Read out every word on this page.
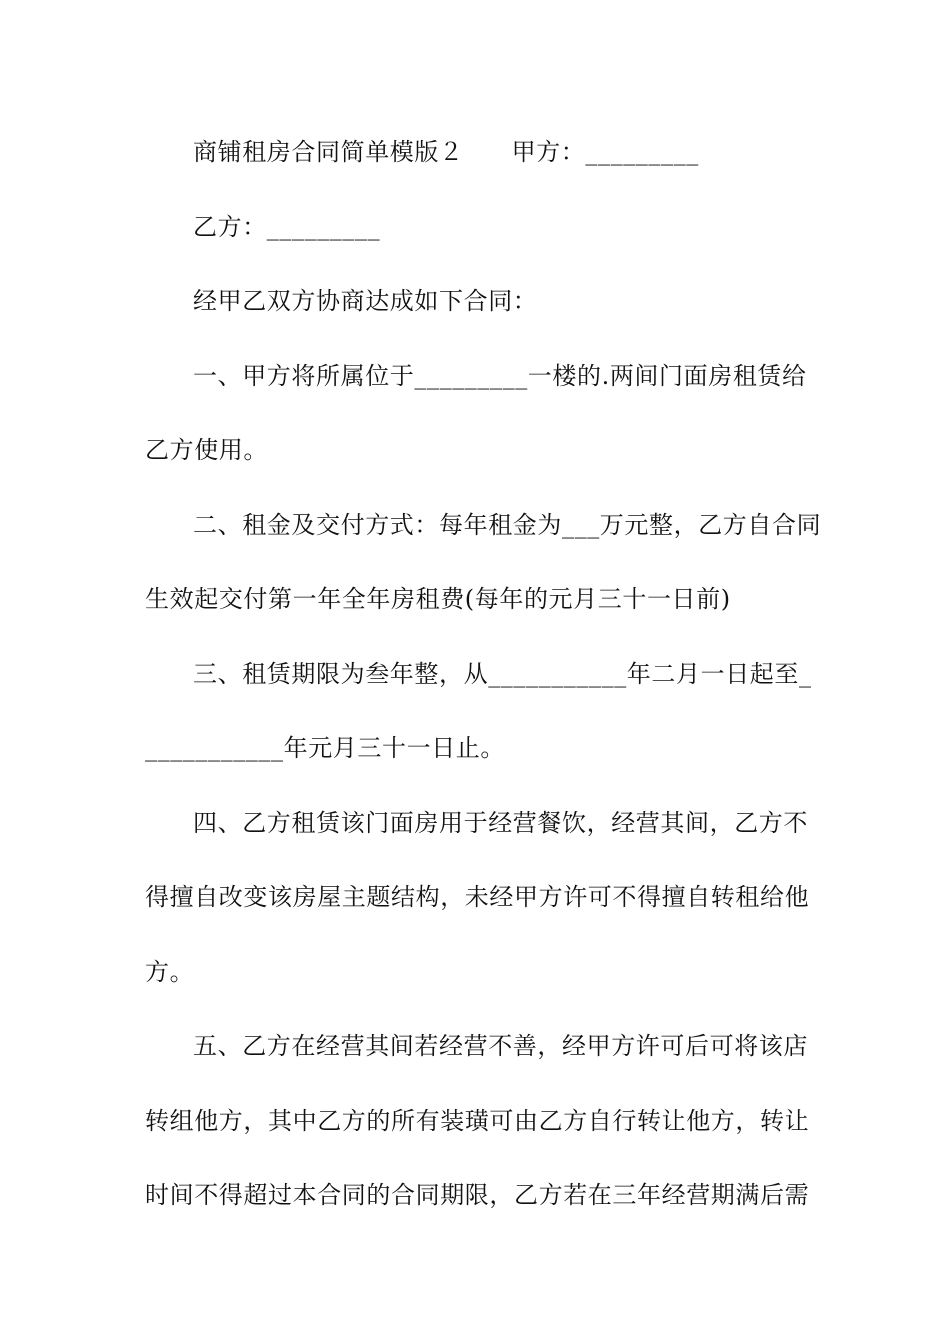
商铺租房合同简单模版２ 甲方：_________
乙方：_________
经甲乙双方协商达成如下合同：
一、甲方将所属位于_________一楼的.两间门面房租赁给
乙方使用。
二、租金及交付方式：每年租金为___万元整，乙方自合同
生效起交付第一年全年房租费(每年的元月三十一日前)
三、租赁期限为叁年整，从___________年二月一日起至_
___________年元月三十一日止。
四、乙方租赁该门面房用于经营餐饮，经营其间，乙方不
得擅自改变该房屋主题结构，未经甲方许可不得擅自转租给他
方。
五、乙方在经营其间若经营不善，经甲方许可后可将该店
转组他方，其中乙方的所有装璜可由乙方自行转让他方，转让
时间不得超过本合同的合同期限，乙方若在三年经营期满后需
